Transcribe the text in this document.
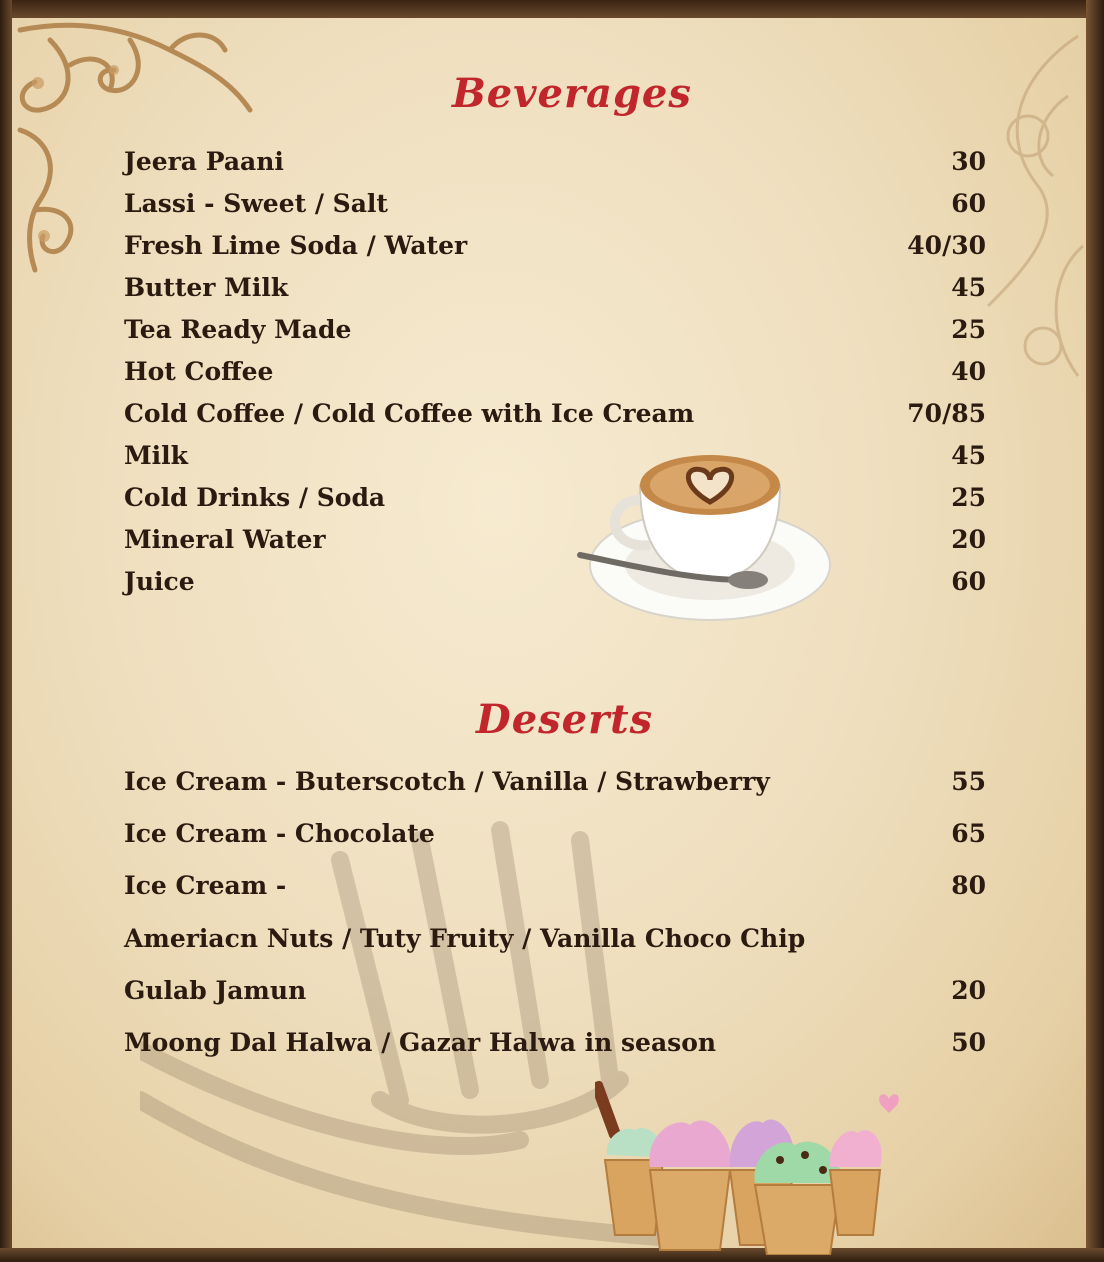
Beverages
Jeera Paani	30
Lassi - Sweet / Salt	60
Fresh Lime Soda / Water	40/30
Butter Milk	45
Tea Ready Made	25
Hot Coffee	40
Cold Coffee / Cold Coffee with Ice Cream	70/85
Milk	45
Cold Drinks / Soda	25
Mineral Water	20
Juice	60
Deserts
Ice Cream - Buterscotch / Vanilla / Strawberry	55
Ice Cream - Chocolate	65
Ice Cream -	80
Ameriacn Nuts / Tuty Fruity / Vanilla Choco Chip
Gulab Jamun	20
Moong Dal Halwa / Gazar Halwa in season	50
